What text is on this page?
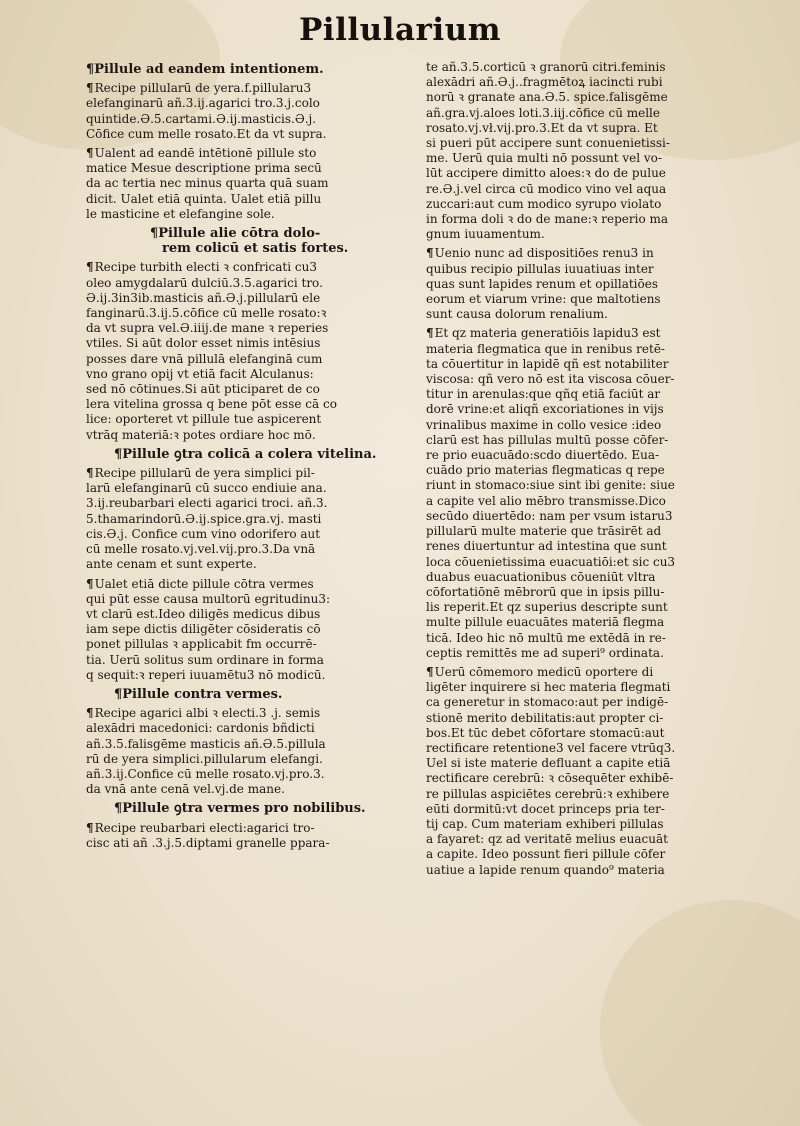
Pillularium
¶Pillule ad eandem intentionem.
¶Recipe pillularū de yera.f.pillularu3
elefanginarū añ.3.ij.agarici tro.3.j.colo
quintide.Ə.5.cartami.Ə.ij.masticis.Ə.j.
Cōfice cum melle rosato.Et da vt supra.
¶Ualent ad eandē intētionē pillule sto
matice Mesue descriptione prima secū
da ac tertia nec minus quarta quā suam
dicit. Ualet etiā quinta. Ualet etiā pillu
le masticine et elefangine sole.
¶Pillule alie cōtra dolo-
rem colicū et satis fortes.
¶Recipe turbith electi ꝛ confricati cu3
oleo amygdalarū dulciū.3.5.agarici tro.
Ə.ij.3in3ib.masticis añ.Ə.j.pillularū ele
fanginarū.3.ij.5.cōfice cū melle rosato:ꝛ
da vt supra vel.Ə.iiij.de mane ꝛ reperies
vtiles. Si aūt dolor esset nimis intēsius
posses dare vnā pillulā elefanginā cum
vno grano opij vt etiā facit Alculanus:
sed nō cōtinues.Si aūt pticiparet de co
lera vitelina grossa q bene pōt esse cā co
lice: oporteret vt pillule tue aspicerent
vtrāq materiā:ꝛ potes ordiare hoc mō.
¶Pillule ꝯtra colicā a colera vitelina.
¶Recipe pillularū de yera simplici pil-
larū elefanginarū cū succo endiuie ana.
3.ij.reubarbari electi agarici troci. añ.3.
5.thamarindorū.Ə.ij.spice.gra.vj. masti
cis.Ə.j. Confice cum vino odorifero aut
cū melle rosato.vj.vel.vij.pro.3.Da vnā
ante cenam et sunt experte.
¶Ualet etiā dicte pillule cōtra vermes
qui pūt esse causa multorū egritudinu3:
vt clarū est.Ideo diligēs medicus dibus
iam sepe dictis diligēter cōsideratis cō
ponet pillulas ꝛ applicabit fm occurrē-
tia. Uerū solitus sum ordinare in forma
q sequit:ꝛ reperi iuuamētu3 nō modicū.
¶Pillule contra vermes.
¶Recipe agarici albi ꝛ electi.3 .j. semis
alexādri macedonici: cardonis bñdicti
añ.3.5.falisgēme masticis añ.Ə.5.pillula
rū de yera simplici.pillularum elefangi.
añ.3.ij.Confice cū melle rosato.vj.pro.3.
da vnā ante cenā vel.vj.de mane.
¶Pillule ꝯtra vermes pro nobilibus.
¶Recipe reubarbari electi:agarici tro-
cisc ati añ .3.j.5.diptami granelle ppara-
te añ.3.5.corticū ꝛ granorū citri.feminis
alexādri añ.Ə.j..fragmētoꝝ iacincti rubi
norū ꝛ granate ana.Ə.5. spice.falisgēme
añ.gra.vj.aloes loti.3.iij.cōfice cū melle
rosato.vj.vł.vij.pro.3.Et da vt supra. Et
si pueri pūt accipere sunt conuenietissi-
me. Uerū quia multi nō possunt vel vo-
lūt accipere dimitto aloes:ꝛ do de pulue
re.Ə.j.vel circa cū modico vino vel aqua
zuccari:aut cum modico syrupo violato
in forma doli ꝛ do de mane:ꝛ reperio ma
gnum iuuamentum.
¶Uenio nunc ad dispositiōes renu3 in
quibus recipio pillulas iuuatiuas inter
quas sunt lapides renum et opillatiōes
eorum et viarum vrine: que maltotiens
sunt causa dolorum renalium.
¶Et qz materia generatiōis lapidu3 est
materia flegmatica que in renibus retē-
ta cōuertitur in lapidē qñ est notabiliter
viscosa: qñ vero nō est ita viscosa cōuer-
titur in arenulas:que qñq etiā faciūt ar
dorē vrine:et aliqñ excoriationes in vijs
vrinalibus maxime in collo vesice :ideo
clarū est has pillulas multū posse cōfer-
re prio euacuādo:scdo diuertēdo. Eua-
cuādo prio materias flegmaticas q repe
riunt in stomaco:siue sint ibi genite: siue
a capite vel alio mēbro transmisse.Dico
secūdo diuertēdo: nam per vsum istaru3
pillularū multe materie que trāsirēt ad
renes diuertuntur ad intestina que sunt
loca cōuenietissima euacuatiōi:et sic cu3
duabus euacuationibus cōueniūt vltra
cōfortatiōnē mēbrorū que in ipsis pillu-
lis reperit.Et qz superius descripte sunt
multe pillule euacuātes materiā flegma
ticā. Ideo hic nō multū me extēdā in re-
ceptis remittēs me ad superi⁹ ordinata.
¶Uerū cōmemoro medicū oportere di
ligēter inquirere si hec materia flegmati
ca generetur in stomaco:aut per indigē-
stionē merito debilitatis:aut propter ci-
bos.Et tūc debet cōfortare stomacū:aut
rectificare retentione3 vel facere vtrūq3.
Uel si iste materie defluant a capite etiā
rectificare cerebrū: ꝛ cōsequēter exhibē-
re pillulas aspiciētes cerebrū:ꝛ exhibere
eūti dormitū:vt docet princeps pria ter-
tij cap. Cum materiam exhiberi pillulas
a fayaret: qz ad veritatē melius euacuāt
a capite. Ideo possunt fieri pillule cōfer
uatiue a lapide renum quando⁹ materia
